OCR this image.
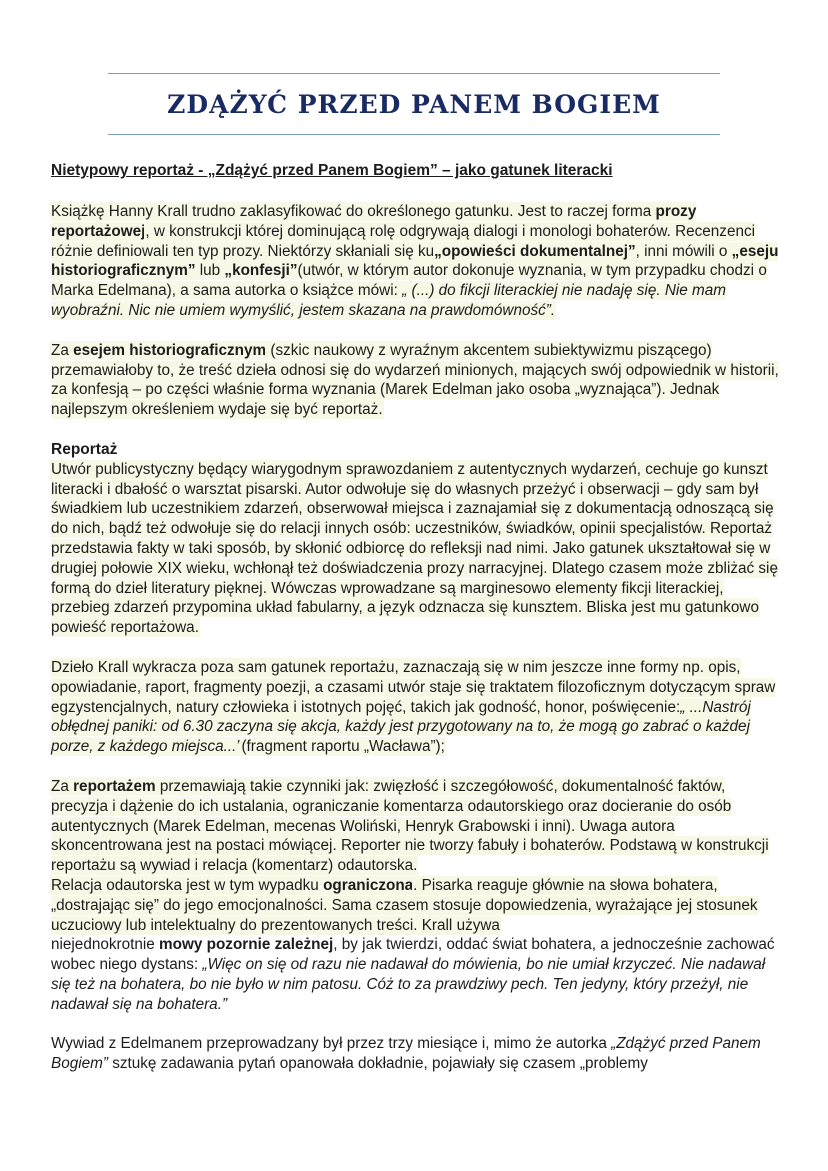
ZDĄŻYĆ PRZED PANEM BOGIEM
Nietypowy reportaż - „Zdążyć przed Panem Bogiem” – jako gatunek literacki

Książkę Hanny Krall trudno zaklasyfikować do określonego gatunku. Jest to raczej forma prozy reportażowej, w konstrukcji której dominującą rolę odgrywają dialogi i monologi bohaterów. Recenzenci różnie definiowali ten typ prozy. Niektórzy skłaniali się ku„opowieści dokumentalnej”, inni mówili o „eseju historiograficznym” lub „konfesji”(utwór, w którym autor dokonuje wyznania, w tym przypadku chodzi o Marka Edelmana), a sama autorka o książce mówi: „ (...) do fikcji literackiej nie nadaję się. Nie mam wyobraźni. Nic nie umiem wymyślić, jestem skazana na prawdomówność”.

Za esejem historiograficznym (szkic naukowy z wyraźnym akcentem subiektywizmu piszącego) przemawiałoby to, że treść dzieła odnosi się do wydarzeń minionych, mających swój odpowiednik w historii, za konfesją – po części właśnie forma wyznania (Marek Edelman jako osoba „wyznająca”). Jednak najlepszym określeniem wydaje się być reportaż.

Reportaż

Utwór publicystyczny będący wiarygodnym sprawozdaniem z autentycznych wydarzeń, cechuje go kunszt literacki i dbałość o warsztat pisarski. Autor odwołuje się do własnych przeżyć i obserwacji – gdy sam był świadkiem lub uczestnikiem zdarzeń, obserwował miejsca i zaznajamiał się z dokumentacją odnoszącą się do nich, bądź też odwołuje się do relacji innych osób: uczestników, świadków, opinii specjalistów. Reportaż przedstawia fakty w taki sposób, by skłonić odbiorcę do refleksji nad nimi. Jako gatunek ukształtował się w drugiej połowie XIX wieku, wchłonął też doświadczenia prozy narracyjnej. Dlatego czasem może zbliżać się formą do dzieł literatury pięknej. Wówczas wprowadzane są marginesowo elementy fikcji literackiej, przebieg zdarzeń przypomina układ fabularny, a język odznacza się kunsztem. Bliska jest mu gatunkowo powieść reportażowa.

Dzieło Krall wykracza poza sam gatunek reportażu, zaznaczają się w nim jeszcze inne formy np. opis, opowiadanie, raport, fragmenty poezji, a czasami utwór staje się traktatem filozoficznym dotyczącym spraw egzystencjalnych, natury człowieka i istotnych pojęć, takich jak godność, honor, poświęcenie:„ ...Nastrój obłędnej paniki: od 6.30 zaczyna się akcja, każdy jest przygotowany na to, że mogą go zabrać o każdej porze, z każdego miejsca...”(fragment raportu „Wacława”);

Za reportażem przemawiają takie czynniki jak: zwięzłość i szczegółowość, dokumentalność faktów, precyzja i dążenie do ich ustalania, ograniczanie komentarza odautorskiego oraz docieranie do osób autentycznych (Marek Edelman, mecenas Woliński, Henryk Grabowski i inni). Uwaga autora skoncentrowana jest na postaci mówiącej. Reporter nie tworzy fabuły i bohaterów. Podstawą w konstrukcji reportażu są wywiad i relacja (komentarz) odautorska.
Relacja odautorska jest w tym wypadku ograniczona. Pisarka reaguje głównie na słowa bohatera, „dostrajając się” do jego emocjonalności. Sama czasem stosuje dopowiedzenia, wyrażające jej stosunek uczuciowy lub intelektualny do prezentowanych treści. Krall używa
niejednokrotnie mowy pozornie zależnej, by jak twierdzi, oddać świat bohatera, a jednocześnie zachować wobec niego dystans: „Więc on się od razu nie nadawał do mówienia, bo nie umiał krzyczeć. Nie nadawał się też na bohatera, bo nie było w nim patosu. Cóż to za prawdziwy pech. Ten jedyny, który przeżył, nie nadawał się na bohatera.”

Wywiad z Edelmanem przeprowadzany był przez trzy miesiące i, mimo że autorka „Zdążyć przed Panem Bogiem” sztukę zadawania pytań opanowała dokładnie, pojawiały się czasem „problemy
